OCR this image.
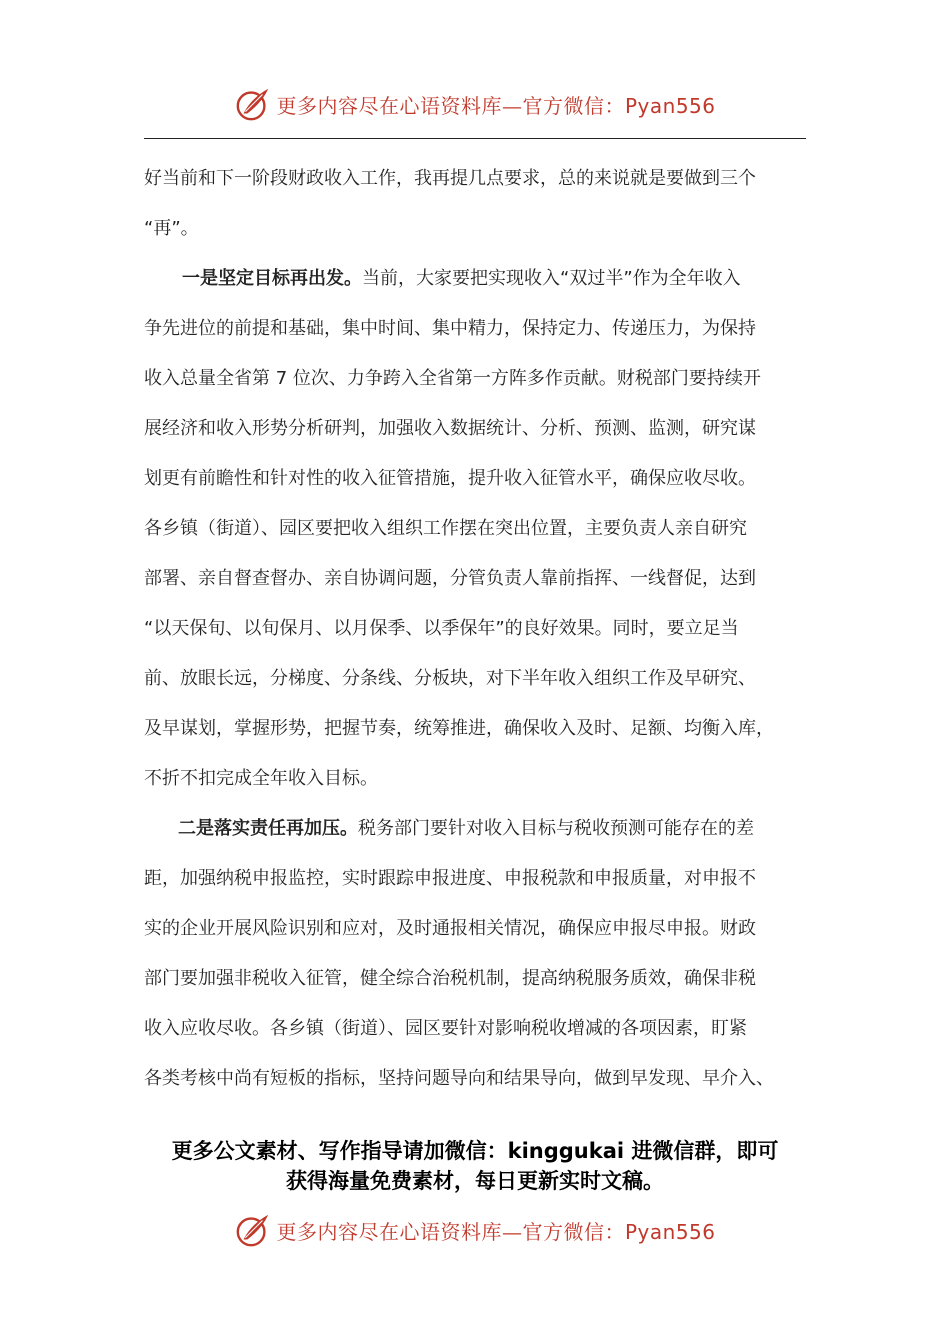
更多内容尽在心语资料库—官方微信：Pyan556
好当前和下一阶段财政收入工作，我再提几点要求，总的来说就是要做到三个
“再”。
一是坚定目标再出发。当前，大家要把实现收入“双过半”作为全年收入
争先进位的前提和基础，集中时间、集中精力，保持定力、传递压力，为保持
收入总量全省第 7 位次、力争跨入全省第一方阵多作贡献。财税部门要持续开
展经济和收入形势分析研判，加强收入数据统计、分析、预测、监测，研究谋
划更有前瞻性和针对性的收入征管措施，提升收入征管水平，确保应收尽收。
各乡镇（街道）、园区要把收入组织工作摆在突出位置，主要负责人亲自研究
部署、亲自督查督办、亲自协调问题，分管负责人靠前指挥、一线督促，达到
“以天保旬、以旬保月、以月保季、以季保年”的良好效果。同时，要立足当
前、放眼长远，分梯度、分条线、分板块，对下半年收入组织工作及早研究、
及早谋划，掌握形势，把握节奏，统筹推进，确保收入及时、足额、均衡入库，
不折不扣完成全年收入目标。
二是落实责任再加压。税务部门要针对收入目标与税收预测可能存在的差
距，加强纳税申报监控，实时跟踪申报进度、申报税款和申报质量，对申报不
实的企业开展风险识别和应对，及时通报相关情况，确保应申报尽申报。财政
部门要加强非税收入征管，健全综合治税机制，提高纳税服务质效，确保非税
收入应收尽收。各乡镇（街道）、园区要针对影响税收增减的各项因素，盯紧
各类考核中尚有短板的指标，坚持问题导向和结果导向，做到早发现、早介入、
更多公文素材、写作指导请加微信：kinggukai 进微信群，即可
获得海量免费素材，每日更新实时文稿。
更多内容尽在心语资料库—官方微信：Pyan556
